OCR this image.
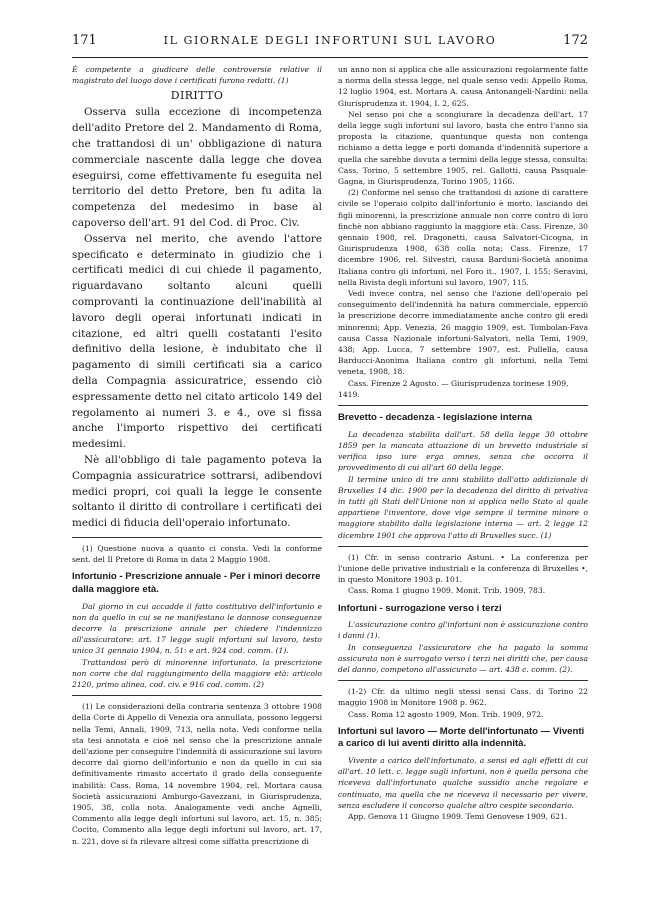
171	IL GIORNALE DEGLI INFORTUNI SUL LAVORO	172

È competente a giudicare delle controversie relative il magistrato del luogo dove i certificati furono redatti. (1)

DIRITTO

Osserva sulla eccezione di incompetenza dell'adito Pretore del 2. Mandamento di Roma, che trattandosi di un' obbligazione di natura commerciale nascente dalla legge che dovea eseguirsi, come effettivamente fu eseguita nel territorio del detto Pretore, ben fu adita la competenza del medesimo in base al capoverso dell'art. 91 del Cod. di Proc. Civ.

Osserva nel merito, che avendo l'attore specificato e determinato in giudizio che i certificati medici di cui chiede il pagamento, riguardavano soltanto alcuni quelli comprovanti la continuazione dell'inabilità al lavoro degli operai infortunati indicati in citazione, ed altri quelli costatanti l'esito definitivo della lesione, è indubitato che il pagamento di simili certificati sia a carico della Compagnia assicuratrice, essendo ciò espressamente detto nel citato articolo 149 del regolamento ai numeri 3. e 4., ove si fissa anche l'importo rispettivo dei certificati medesimi.

Nè all'obbligo di tale pagamento poteva la Compagnia assicuratrice sottrarsi, adibendovi medici propri, coi quali la legge le consente soltanto il diritto di controllare i certificati dei medici di fiducia dell'operaio infortunato.

(1) Questione nuova a quanto ci consta. Vedi la conforme sent. del Il Pretore di Roma in data 2 Maggio 1908.

Infortunio - Prescrizione annuale - Per i minori decorre dalla maggiore età.

Dal giorno in cui accadde il fatto costitutivo dell'infortunio e non da quello in cui se ne manifestano le dannose conseguenze decorre la prescrizione annale per chiedere l'indennizzo all'assicuratore: art. 17 legge sugli infortuni sul lavoro, testo unico 31 gennaio 1904, n. 51: e art. 924 cod. comm. (1).

Trattandosi però di minorenne infortunato, la prescrizione non corre che dal raggiungimento della maggiore età: articolo 2120, primo alinea, cod. civ. e 916 cod. comm. (2)

(1) Le considerazioni della contraria sentenza 3 ottobre 1908 della Corte di Appello di Venezia ora annullata, possono leggersi nella Temi, Annali, 1909, 713, nella nota. Vedi conforme nella sta tesi annotata e cioè nel senso che la prescrizione annale dell'azione per conseguire l'indennità di assicurazione sul lavoro decorre dal giorno dell'infortunio e non da quello in cui sia definitivamente rimasto accertato il grado della conseguente inabilità: Cass. Roma, 14 novembre 1904, rel. Mortara causa Società assicurazioni Amburgo-Gavezzani, in Giurisprudenza, 1905, 38, colla nota. Analogamente vedi anche Agnelli, Commento alla legge degli infortuni sul lavoro, art. 15, n. 385; Cocito, Commento alla legge degli infortuni sul lavoro, art. 17, n. 221, dove si fa rilevare altresì come siffatta prescrizione di

un anno non si applica che alle assicurazioni regolarmente fatte a norma della stessa legge, nel quale senso vedi: Appello Roma, 12 luglio 1904, est. Mortara A. causa Antonangeli-Nardini: nella Giurisprudenza it. 1904, I. 2, 625.

Nel senso poi che a scongiurare la decadenza dell'art. 17 della legge sugli infortuni sul lavoro, basta che entro l'anno sia proposta la citazione, quantunque questa non contenga richiamo a detta legge e porti domanda d'indennità superiore a quella che sarebbe dovuta a termini della legge stessa, consulta: Cass. Torino, 5 settembre 1905, rel. Gallotti, causa Pasquale-Gagna, in Giurisprudenza, Torino 1905, 1166.

(2) Conforme nel senso che trattandosi di azione di carattere civile se l'operaio colpito dall'infortunio è morto, lasciando dei figli minorenni, la prescrizione annuale non corre contro di loro finchè non abbiano raggiunto la maggiore età: Cass. Firenze, 30 gennaio 1908, rel. Dragonetti, causa Salvatori-Cicogna, in Giurisprudenza 1908, 638 colla nota; Cass. Firenze, 17 dicembre 1906, rel. Silvestri, causa Barduni-Società anonima Italiana contro gli infortuni, nel Foro it., 1907, I. 155; Seravini, nella Rivista degli infortuni sul lavoro, 1907, 115.

Vedi invece contra, nel senso che l'azione dell'operaio pel conseguimento dell'indennità ha natura commerciale, epperciò la prescrizione decorre immediatamente anche contro gli eredi minorenni; App. Venezia, 26 maggio 1909, est. Tombolan-Fava causa Cassa Nazionale infortuni-Salvatori, nella Temi, 1909, 438; App. Lucca, 7 settembre 1907, est. Pullella, causa Barducci-Anonima Italiana contro gli infortuni, nella Temi veneta, 1908, 18.

Cass. Firenze 2 Agosto. — Giurisprudenza torinese 1909, 1419.

Brevetto - decadenza - legislazione interna

La decadenza stabilita dall'art. 58 della legge 30 ottobre 1859 per la mancata attuazione di un brevetto industriale si verifica ipso iure erga omnes, senza che occorra il provvedimento di cui all'art 60 della legge.

Il termine unico di tre anni stabilito dall'atto addizionale di Bruxelles 14 dic. 1900 per la decadenza del diritto di privativa in tutti gli Stati dell'Unione non si applica nello Stato al quale appartiene l'inventore, dove vige sempre il termine minore o maggiore stabilito dalla legislazione interna — art. 2 legge 12 dicembre 1901 che approva l'atto di Bruxelles succ. (1)

(1) Cfr. in senso contrario Astuni. • La conferenza per l'unione delle privative industriali e la conferenza di Bruxelles •, in questo Monitore 1903 p. 101.

Cass. Roma 1 giugno 1909. Monit. Trib. 1909, 783.

Infortuni - surrogazione verso i terzi

L'assicurazione contro gl'infortuni non è assicurazione contro i danni (1).

In conseguenza l'assicuratore che ha pagato la somma assicurata non è surrogato verso i terzi nei diritti che, per causa del danno, competono all'assicurato — art. 438 c. comm. (2).

(1-2) Cfr. da ultimo negli stessi sensi Cass. di Torino 22 maggio 1908 in Monitore 1908 p. 962.

Cass. Roma 12 agosto 1909, Mon. Trib. 1909, 972.

Infortuni sul lavoro — Morte dell'infortunato — Viventi a carico di lui aventi diritto alla indennità.

Vivente a carico dell'infortunato, a sensi ed agli effetti di cui all'art. 10 lett. c. legge sugli infortuni, non è quella persona che riceveva dall'infortunato qualche sussidio anche regolare e continuato, ma quella che ne riceveva il necessario per vivere, senza escludere il concorso qualche altro cespite secondario.

App. Genova 11 Giugno 1909. Temi Genovese 1909, 621.
